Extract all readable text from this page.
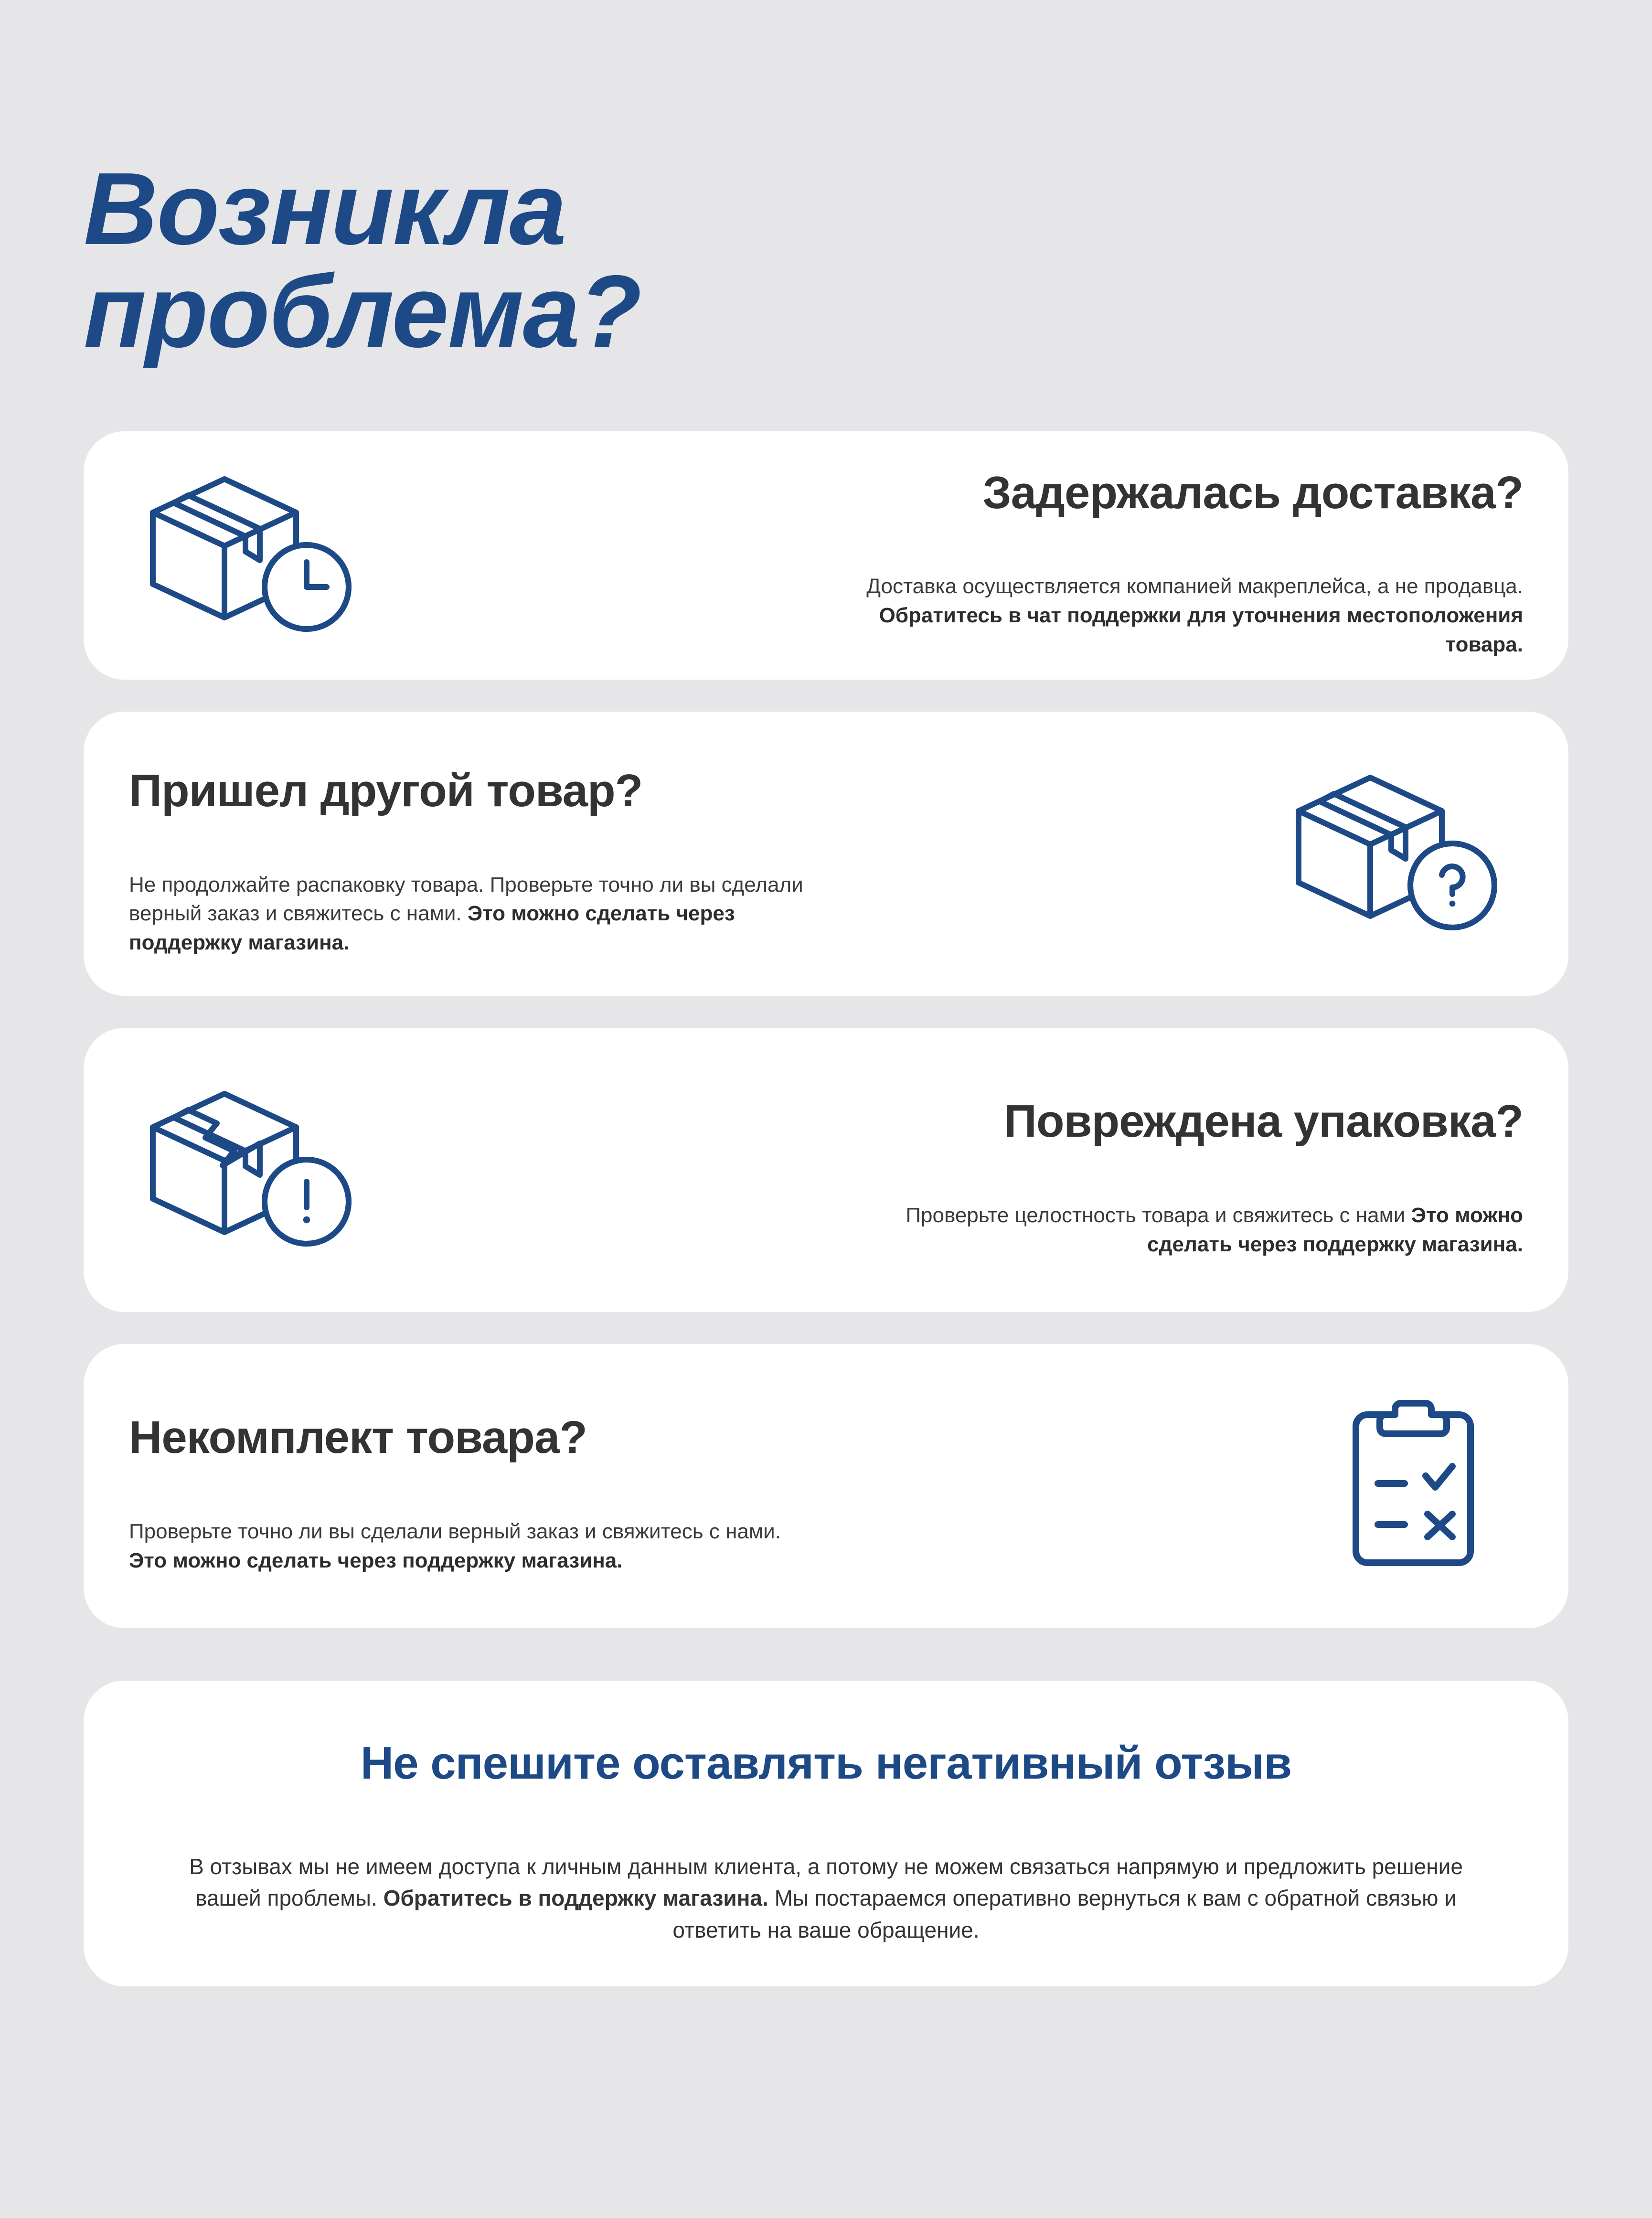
Возникла
проблема?
Задержалась доставка?

Доставка осуществляется компанией макреплейса, а не продавца. Обратитесь в чат поддержки для уточнения местоположения товара.

Пришел другой товар?

Не продолжайте распаковку товара. Проверьте точно ли вы сделали верный заказ и свяжитесь с нами. Это можно сделать через поддержку магазина.

Повреждена упаковка?

Проверьте целостность товара и свяжитесь с нами Это можно сделать через поддержку магазина.

Некомплект товара?

Проверьте точно ли вы сделали верный заказ и свяжитесь с нами. Это можно сделать через поддержку магазина.

Не спешите оставлять негативный отзыв

В отзывах мы не имеем доступа к личным данным клиента, а потому не можем связаться напрямую и предложить решение вашей проблемы. Обратитесь в поддержку магазина. Мы постараемся оперативно вернуться к вам с обратной связью и ответить на ваше обращение.
